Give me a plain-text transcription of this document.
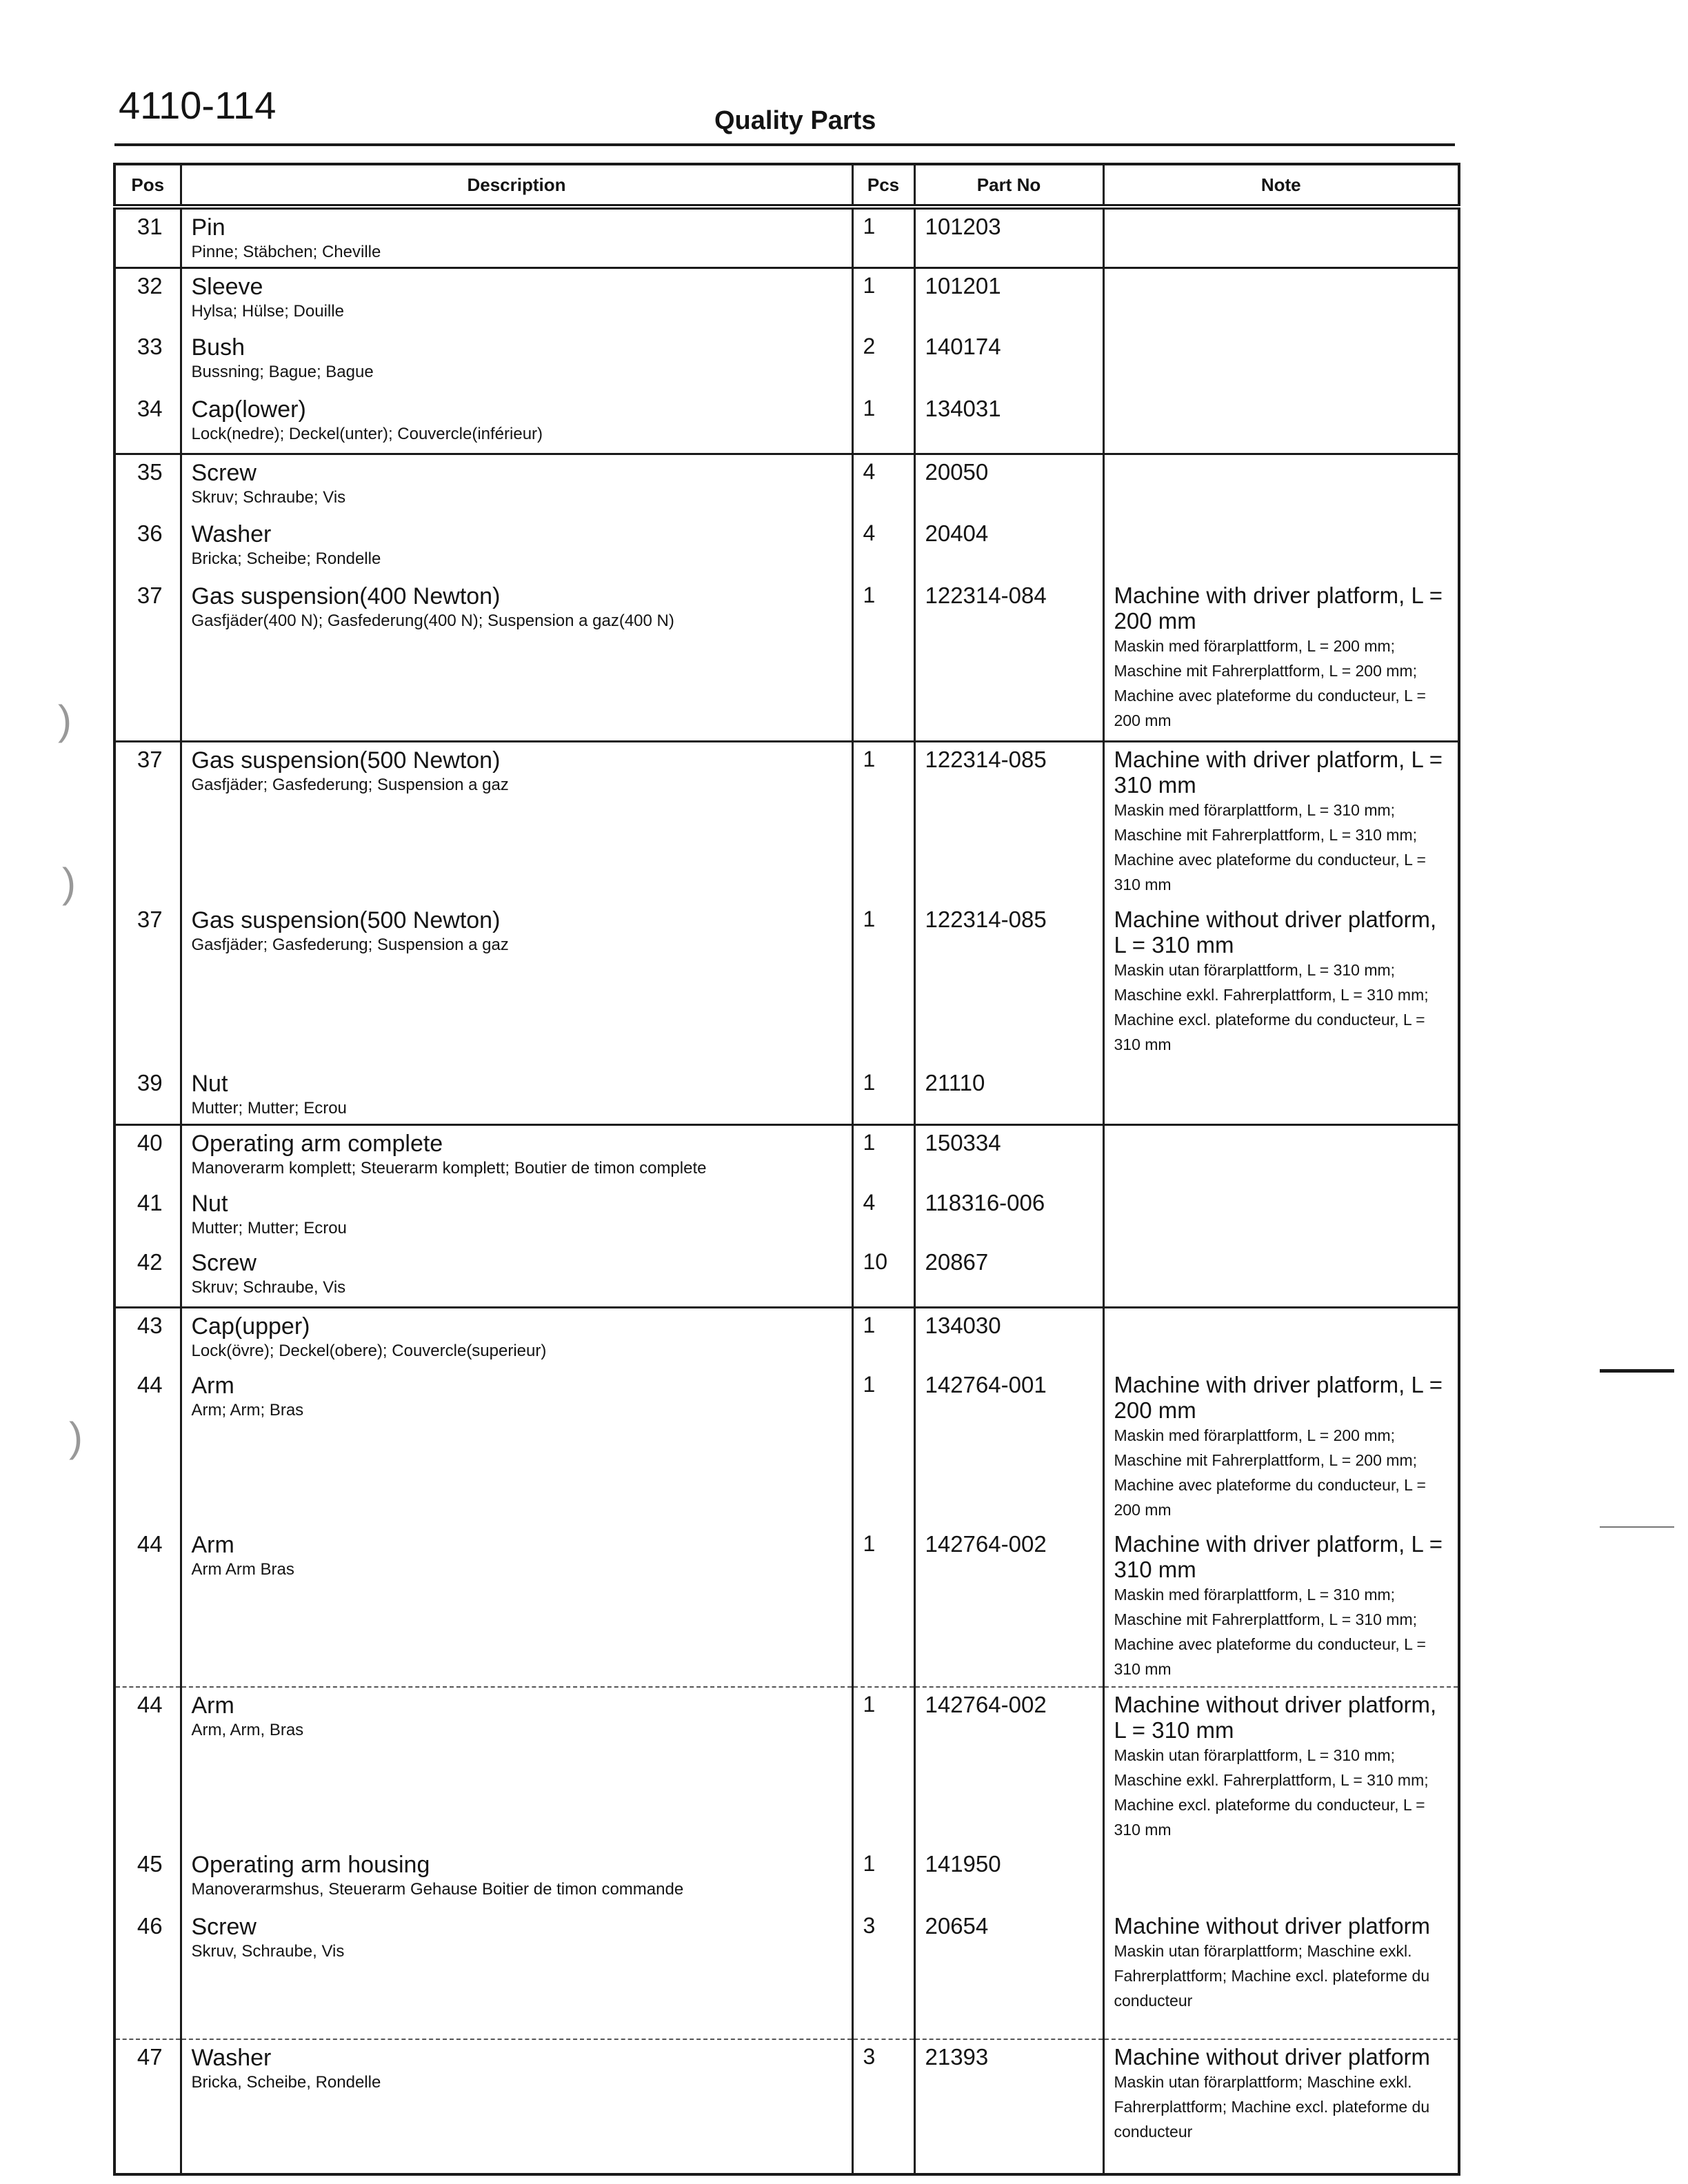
4110-114	Quality Parts
Pos	Description	Pcs	Part No	Note
31	Pin
Pinne; Stäbchen; Cheville	1	101203	

32	Sleeve
Hylsa; Hülse; Douille	1	101201	

33	Bush
Bussning; Bague; Bague	2	140174	

34	Cap(lower)
Lock(nedre); Deckel(unter); Couvercle(inférieur)	1	134031	

35	Screw
Skruv; Schraube; Vis	4	20050	

36	Washer
Bricka; Scheibe; Rondelle	4	20404	

37	Gas suspension(400 Newton)
Gasfjäder(400 N); Gasfederung(400 N); Suspension a gaz(400 N)	1	122314-084	Machine with driver platform, L = 200 mm
Maskin med förarplattform, L = 200 mm; Maschine mit Fahrerplattform, L = 200 mm; Machine avec plateforme du conducteur, L = 200 mm

37	Gas suspension(500 Newton)
Gasfjäder; Gasfederung; Suspension a gaz	1	122314-085	Machine with driver platform, L = 310 mm
Maskin med förarplattform, L = 310 mm; Maschine mit Fahrerplattform, L = 310 mm; Machine avec plateforme du conducteur, L = 310 mm

37	Gas suspension(500 Newton)
Gasfjäder; Gasfederung; Suspension a gaz	1	122314-085	Machine without driver platform, L = 310 mm
Maskin utan förarplattform, L = 310 mm; Maschine exkl. Fahrerplattform, L = 310 mm; Machine excl. plateforme du conducteur, L = 310 mm

39	Nut
Mutter; Mutter; Ecrou	1	21110	

40	Operating arm complete
Manoverarm komplett; Steuerarm komplett; Boutier de timon complete	1	150334	

41	Nut
Mutter; Mutter; Ecrou	4	118316-006	

42	Screw
Skruv; Schraube, Vis	10	20867	

43	Cap(upper)
Lock(övre); Deckel(obere); Couvercle(superieur)	1	134030	

44	Arm
Arm; Arm; Bras	1	142764-001	Machine with driver platform, L = 200 mm
Maskin med förarplattform, L = 200 mm; Maschine mit Fahrerplattform, L = 200 mm; Machine avec plateforme du conducteur, L = 200 mm

44	Arm
Arm Arm Bras	1	142764-002	Machine with driver platform, L = 310 mm
Maskin med förarplattform, L = 310 mm; Maschine mit Fahrerplattform, L = 310 mm; Machine avec plateforme du conducteur, L = 310 mm

44	Arm
Arm, Arm, Bras	1	142764-002	Machine without driver platform, L = 310 mm
Maskin utan förarplattform, L = 310 mm; Maschine exkl. Fahrerplattform, L = 310 mm; Machine excl. plateforme du conducteur, L = 310 mm

45	Operating arm housing
Manoverarmshus, Steuerarm Gehause Boitier de timon commande	1	141950	

46	Screw
Skruv, Schraube, Vis	3	20654	Machine without driver platform
Maskin utan förarplattform; Maschine exkl. Fahrerplattform; Machine excl. plateforme du conducteur

47	Washer
Bricka, Scheibe, Rondelle	3	21393	Machine without driver platform
Maskin utan förarplattform; Maschine exkl. Fahrerplattform; Machine excl. plateforme du conducteur
)
)
)
